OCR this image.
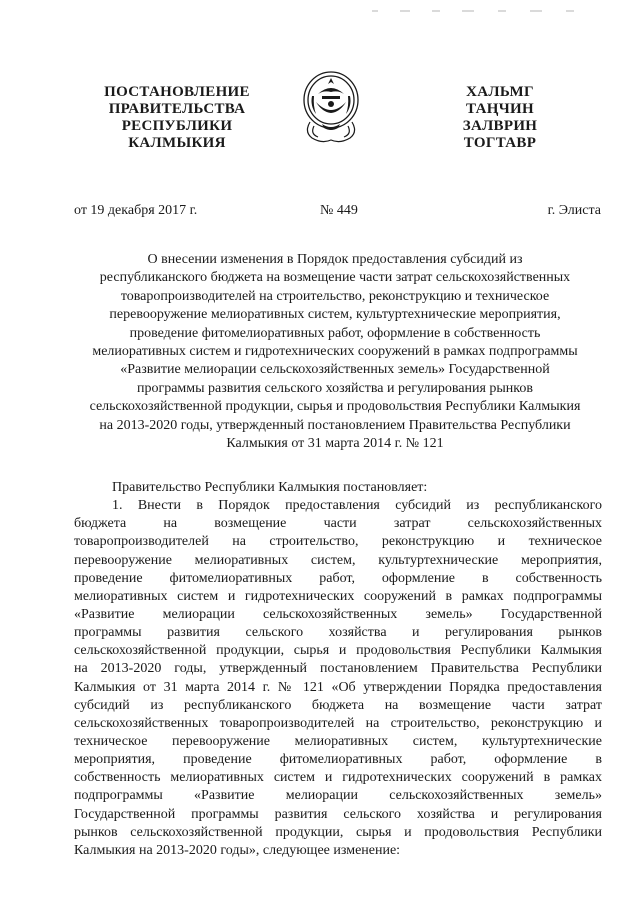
ПОСТАНОВЛЕНИЕ
ПРАВИТЕЛЬСТВА
РЕСПУБЛИКИ
КАЛМЫКИЯ
ХАЛЬМГ
ТАҢЧИН
ЗАЛВРИН
ТОГТАВР
от 19 декабря 2017 г.	№ 449	г. Элиста
О внесении изменения в Порядок предоставления субсидий из
республиканского бюджета на возмещение части затрат сельскохозяйственных
товаропроизводителей на строительство, реконструкцию и техническое
перевооружение мелиоративных систем, культуртехнические мероприятия,
проведение фитомелиоративных работ, оформление в собственность
мелиоративных систем и гидротехнических сооружений в рамках подпрограммы
«Развитие мелиорации сельскохозяйственных земель» Государственной
программы развития сельского хозяйства и регулирования рынков
сельскохозяйственной продукции, сырья и продовольствия Республики Калмыкия
на 2013-2020 годы, утвержденный постановлением Правительства Республики
Калмыкия от 31 марта 2014 г. № 121
Правительство Республики Калмыкия постановляет:
1. Внести в Порядок предоставления субсидий из республиканского
бюджета на возмещение части затрат сельскохозяйственных
товаропроизводителей на строительство, реконструкцию и техническое
перевооружение мелиоративных систем, культуртехнические мероприятия,
проведение фитомелиоративных работ, оформление в собственность
мелиоративных систем и гидротехнических сооружений в рамках подпрограммы
«Развитие мелиорации сельскохозяйственных земель» Государственной
программы развития сельского хозяйства и регулирования рынков
сельскохозяйственной продукции, сырья и продовольствия Республики Калмыкия
на 2013-2020 годы, утвержденный постановлением Правительства Республики
Калмыкия от 31 марта 2014 г. № 121 «Об утверждении Порядка предоставления
субсидий из республиканского бюджета на возмещение части затрат
сельскохозяйственных товаропроизводителей на строительство, реконструкцию и
техническое перевооружение мелиоративных систем, культуртехнические
мероприятия, проведение фитомелиоративных работ, оформление в
собственность мелиоративных систем и гидротехнических сооружений в рамках
подпрограммы «Развитие мелиорации сельскохозяйственных земель»
Государственной программы развития сельского хозяйства и регулирования
рынков сельскохозяйственной продукции, сырья и продовольствия Республики
Калмыкия на 2013-2020 годы», следующее изменение:
